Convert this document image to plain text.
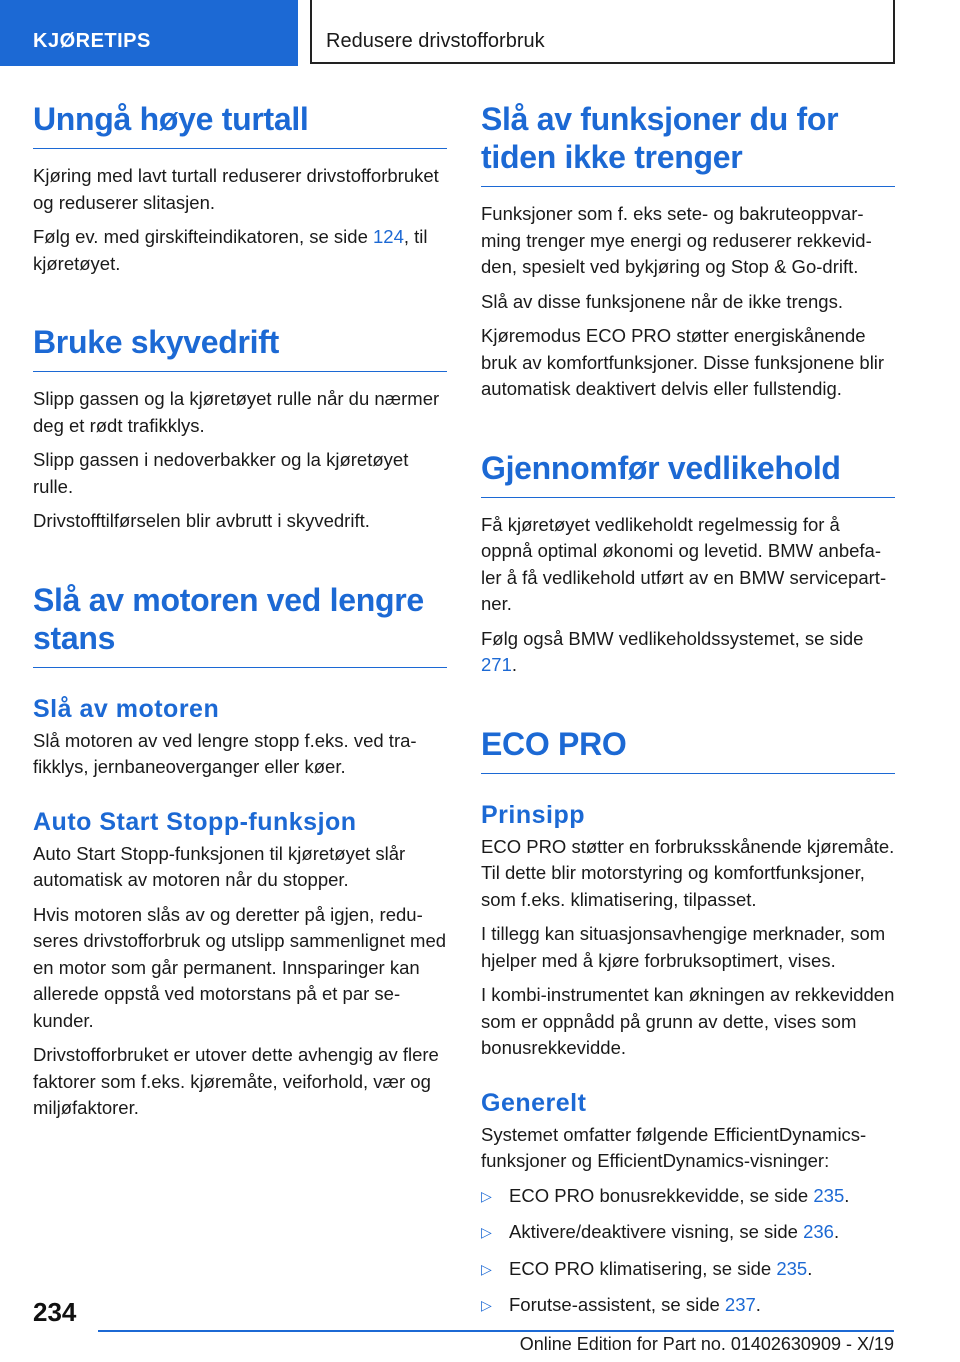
KJØRETIPS	Redusere drivstofforbruk
Unngå høye turtall

Kjøring med lavt turtall reduserer drivstofforbruket og reduserer slitasjen.

Følg ev. med girskifteindikatoren, se side 124, til kjøretøyet.

Bruke skyvedrift

Slipp gassen og la kjøretøyet rulle når du nærmer deg et rødt trafikklys.

Slipp gassen i nedoverbakker og la kjøretøyet rulle.

Drivstofftilførselen blir avbrutt i skyvedrift.

Slå av motoren ved lengre stans
Slå av motoren

Slå motoren av ved lengre stopp f.eks. ved trafikklys, jernbaneoverganger eller køer.

Auto Start Stopp-funksjon

Auto Start Stopp-funksjonen til kjøretøyet slår automatisk av motoren når du stopper.

Hvis motoren slås av og deretter på igjen, reduseres drivstofforbruk og utslipp sammenlignet med en motor som går permanent. Innsparinger kan allerede oppstå ved motorstans på et par sekunder.

Drivstofforbruket er utover dette avhengig av flere faktorer som f.eks. kjøremåte, veiforhold, vær og miljøfaktorer.

Slå av funksjoner du for tiden ikke trenger

Funksjoner som f. eks sete- og bakruteoppvarming trenger mye energi og reduserer rekkevidden, spesielt ved bykjøring og Stop & Go-drift.

Slå av disse funksjonene når de ikke trengs.

Kjøremodus ECO PRO støtter energiskånende bruk av komfortfunksjoner. Disse funksjonene blir automatisk deaktivert delvis eller fullstendig.

Gjennomfør vedlikehold

Få kjøretøyet vedlikeholdt regelmessig for å oppnå optimal økonomi og levetid. BMW anbefaler å få vedlikehold utført av en BMW servicepartner.

Følg også BMW vedlikeholdssystemet, se side 271.

ECO PRO
Prinsipp

ECO PRO støtter en forbruksskånende kjøremåte. Til dette blir motorstyring og komfortfunksjoner, som f.eks. klimatisering, tilpasset.

I tillegg kan situasjonsavhengige merknader, som hjelper med å kjøre forbruksoptimert, vises.

I kombi-instrumentet kan økningen av rekkevidden som er oppnådd på grunn av dette, vises som bonusrekkevidde.

Generelt

Systemet omfatter følgende EfficientDynamics-funksjoner og EfficientDynamics-visninger:

▷ ECO PRO bonusrekkevidde, se side 235.
▷ Aktivere/deaktivere visning, se side 236.
▷ ECO PRO klimatisering, se side 235.
▷ Forutse-assistent, se side 237.
234
Online Edition for Part no. 01402630909 - X/19
